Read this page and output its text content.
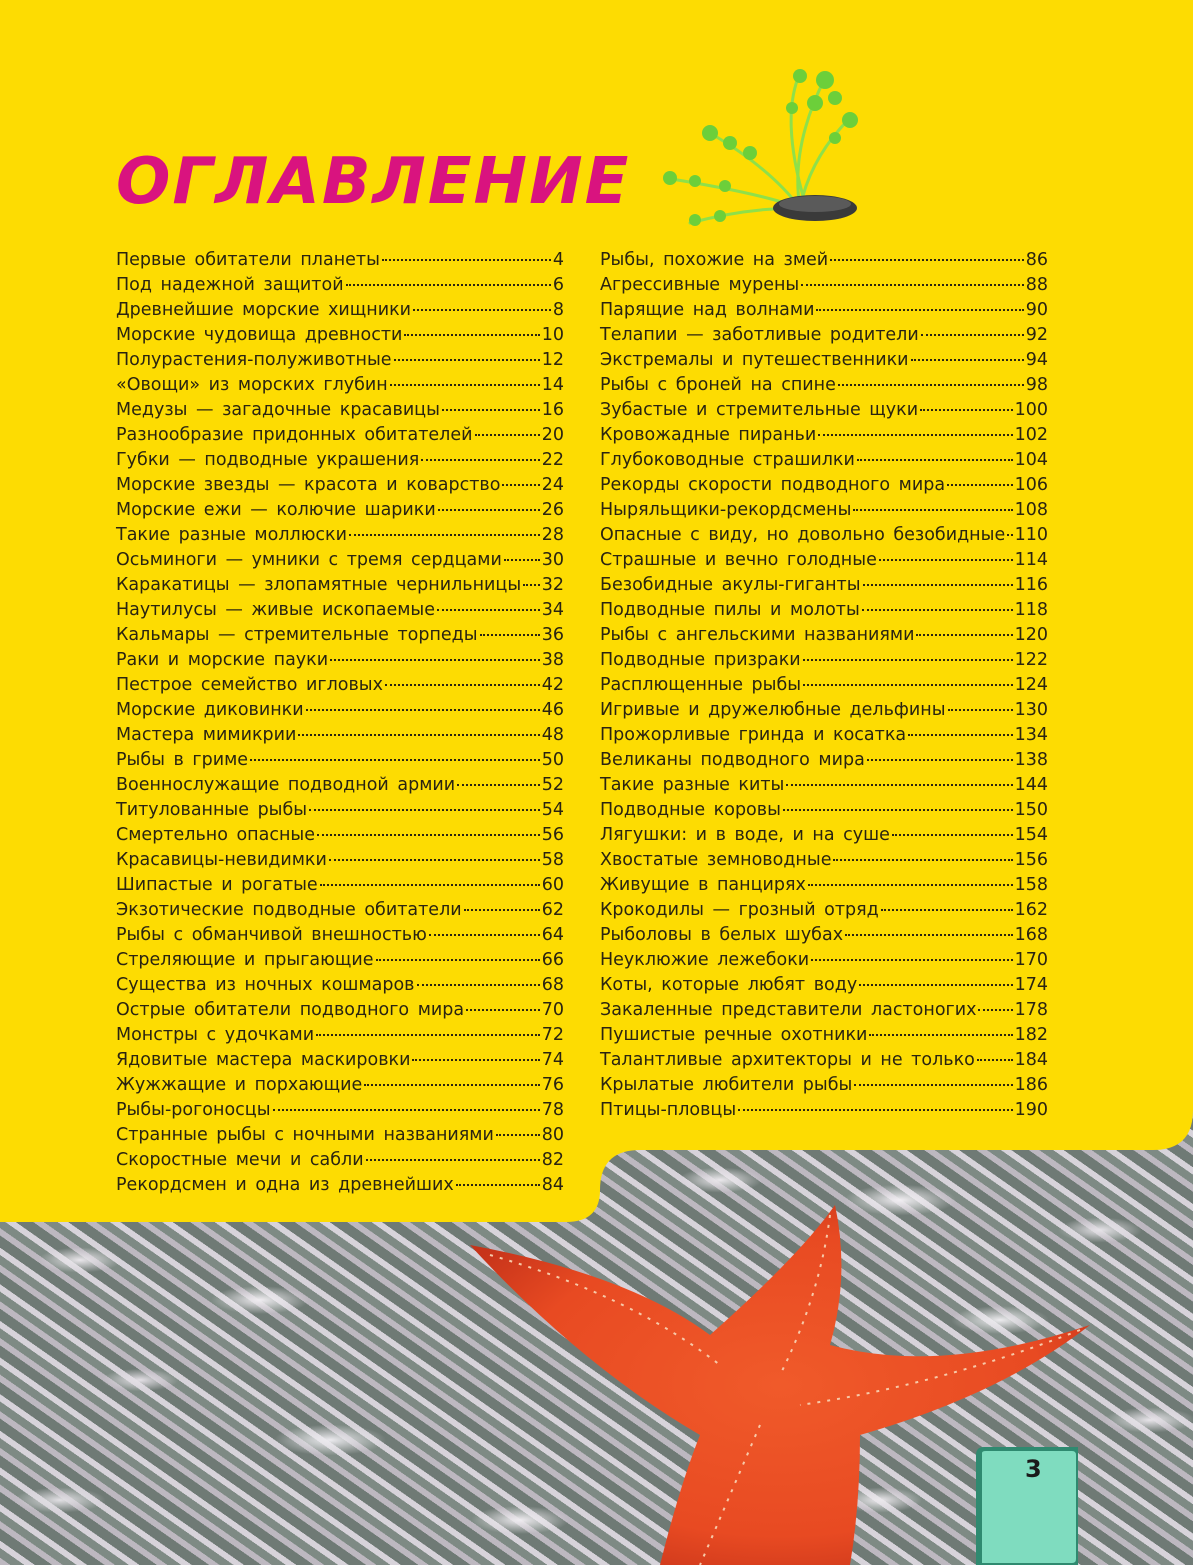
ОГЛАВЛЕНИЕ
Первые обитатели планеты	4
Под надежной защитой	6
Древнейшие морские хищники	8
Морские чудовища древности	10
Полурастения-полуживотные	12
«Овощи» из морских глубин	14
Медузы — загадочные красавицы	16
Разнообразие придонных обитателей	20
Губки — подводные украшения	22
Морские звезды — красота и коварство 24
Морские ежи — колючие шарики	26
Такие разные моллюски	28
Осьминоги — умники с тремя сердцами 30
Каракатицы — злопамятные чернильницы 32
Наутилусы — живые ископаемые	34
Кальмары — стремительные торпеды	36
Раки и морские пауки	38
Пестрое семейство игловых	42
Морские диковинки	46
Мастера мимикрии	48
Рыбы в гриме	50
Военнослужащие подводной армии	52
Титулованные рыбы	54
Смертельно опасные	56
Красавицы-невидимки	58
Шипастые и рогатые	60
Экзотические подводные обитатели	62
Рыбы с обманчивой внешностью	64
Стреляющие и прыгающие	66
Существа из ночных кошмаров	68
Острые обитатели подводного мира	70
Монстры с удочками	72
Ядовитые мастера маскировки	74
Жужжащие и порхающие	76
Рыбы-рогоносцы	78
Странные рыбы с ночными названиями	80
Скоростные мечи и сабли	82
Рекордсмен и одна из древнейших	84
Рыбы, похожие на змей	86
Агрессивные мурены	88
Парящие над волнами	90
Телапии — заботливые родители	92
Экстремалы и путешественники	94
Рыбы с броней на спине	98
Зубастые и стремительные щуки	100
Кровожадные пираньи	102
Глубоководные страшилки	104
Рекорды скорости подводного мира	106
Ныряльщики-рекордсмены	108
Опасные с виду, но довольно безобидные 110
Страшные и вечно голодные	114
Безобидные акулы-гиганты	116
Подводные пилы и молоты	118
Рыбы с ангельскими названиями	120
Подводные призраки	122
Расплющенные рыбы	124
Игривые и дружелюбные дельфины	130
Прожорливые гринда и косатка	134
Великаны подводного мира	138
Такие разные киты	144
Подводные коровы	150
Лягушки: и в воде, и на суше	154
Хвостатые земноводные	156
Живущие в панцирях	158
Крокодилы — грозный отряд	162
Рыболовы в белых шубах	168
Неуклюжие лежебоки	170
Коты, которые любят воду	174
Закаленные представители ластоногих 178
Пушистые речные охотники	182
Талантливые архитекторы и не только 184
Крылатые любители рыбы	186
Птицы-пловцы	190
3
